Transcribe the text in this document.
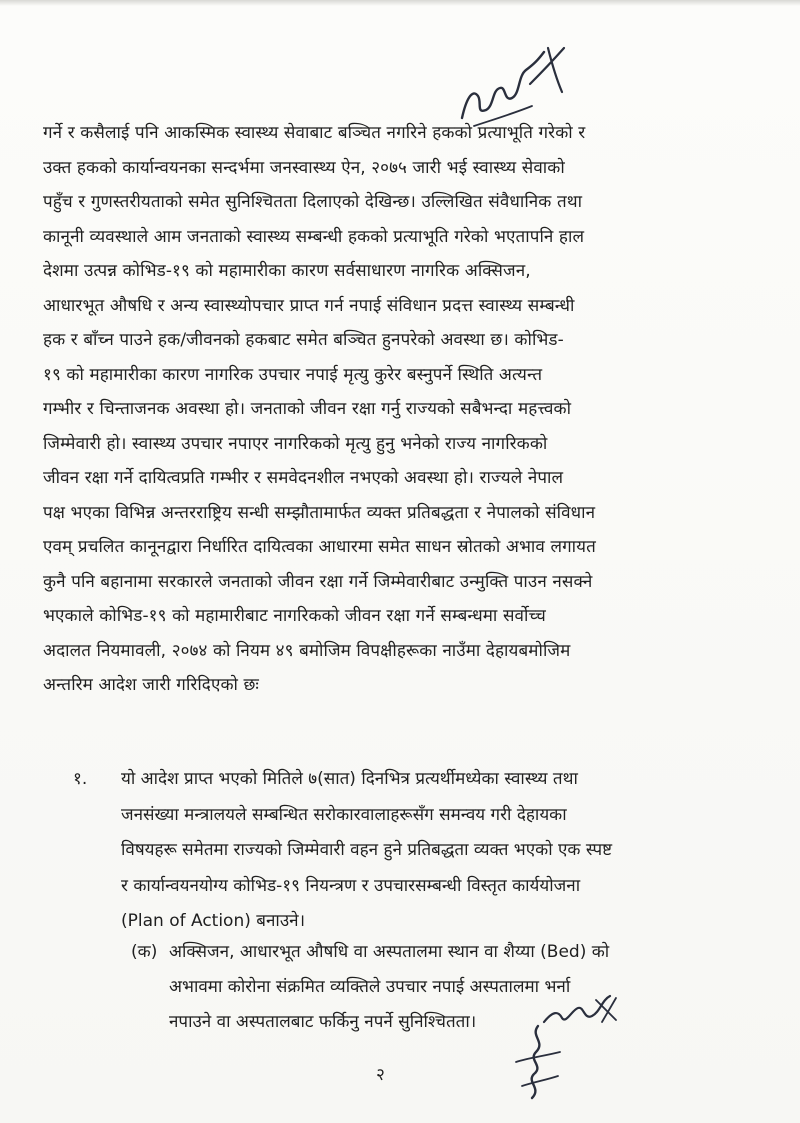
गर्ने र कसैलाई पनि आकस्मिक स्वास्थ्य सेवाबाट बञ्चित नगरिने हकको प्रत्याभूति गरेको र
उक्त हकको कार्यान्वयनका सन्दर्भमा जनस्वास्थ्य ऐन, २०७५ जारी भई स्वास्थ्य सेवाको
पहुँच र गुणस्तरीयताको समेत सुनिश्चितता दिलाएको देखिन्छ। उल्लिखित संवैधानिक तथा
कानूनी व्यवस्थाले आम जनताको स्वास्थ्य सम्बन्धी हकको प्रत्याभूति गरेको भएतापनि हाल
देशमा उत्पन्न कोभिड-१९ को महामारीका कारण सर्वसाधारण नागरिक अक्सिजन,
आधारभूत औषधि र अन्य स्वास्थ्योपचार प्राप्त गर्न नपाई संविधान प्रदत्त स्वास्थ्य सम्बन्धी
हक र बाँच्न पाउने हक/जीवनको हकबाट समेत बञ्चित हुनपरेको अवस्था छ। कोभिड-
१९ को महामारीका कारण नागरिक उपचार नपाई मृत्यु कुरेर बस्नुपर्ने स्थिति अत्यन्त
गम्भीर र चिन्ताजनक अवस्था हो। जनताको जीवन रक्षा गर्नु राज्यको सबैभन्दा महत्त्वको
जिम्मेवारी हो। स्वास्थ्य उपचार नपाएर नागरिकको मृत्यु हुनु भनेको राज्य नागरिकको
जीवन रक्षा गर्ने दायित्वप्रति गम्भीर र समवेदनशील नभएको अवस्था हो। राज्यले नेपाल
पक्ष भएका विभिन्न अन्तरराष्ट्रिय सन्धी सम्झौतामार्फत व्यक्त प्रतिबद्धता र नेपालको संविधान
एवम् प्रचलित कानूनद्वारा निर्धारित दायित्वका आधारमा समेत साधन स्रोतको अभाव लगायत
कुनै पनि बहानामा सरकारले जनताको जीवन रक्षा गर्ने जिम्मेवारीबाट उन्मुक्ति पाउन नसक्ने
भएकाले कोभिड-१९ को महामारीबाट नागरिकको जीवन रक्षा गर्ने सम्बन्धमा सर्वोच्च
अदालत नियमावली, २०७४ को नियम ४९ बमोजिम विपक्षीहरूका नाउँमा देहायबमोजिम
अन्तरिम आदेश जारी गरिदिएको छः
१. यो आदेश प्राप्त भएको मितिले ७(सात) दिनभित्र प्रत्यर्थीमध्येका स्वास्थ्य तथा
जनसंख्या मन्त्रालयले सम्बन्धित सरोकारवालाहरूसँग समन्वय गरी देहायका
विषयहरू समेतमा राज्यको जिम्मेवारी वहन हुने प्रतिबद्धता व्यक्त भएको एक स्पष्ट
र कार्यान्वयनयोग्य कोभिड-१९ नियन्त्रण र उपचारसम्बन्धी विस्तृत कार्ययोजना
(Plan of Action) बनाउने।
(क) अक्सिजन, आधारभूत औषधि वा अस्पतालमा स्थान वा शैय्या (Bed) को
अभावमा कोरोना संक्रमित व्यक्तिले उपचार नपाई अस्पतालमा भर्ना
नपाउने वा अस्पतालबाट फर्किनु नपर्ने सुनिश्चितता।
२
